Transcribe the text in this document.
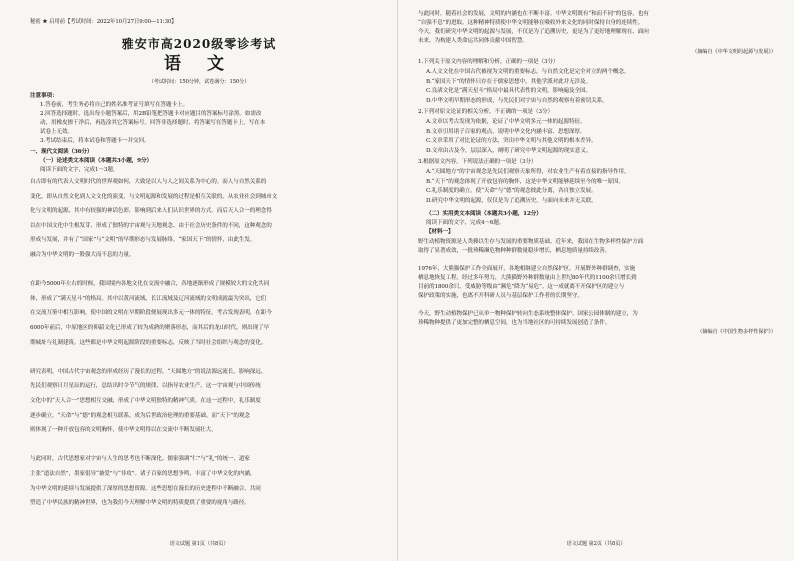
秘密 ★ 启用前【考试时间：2022年10月27日9:00—11:30】
雅安市高2020级零诊考试
语 文
（考试时间：150分钟，试卷满分：150分）
注意事项：
1.答卷前，考生务必将自己的姓名准考证号填写在答题卡上。
2.回答选择题时，选出每小题答案后，用2B铅笔把答题卡对应题目的答案标号涂黑。如需改
动，用橡皮擦干净后，再选涂其它答案标号。回答非选择题时，将答案写在答题卡上，写在本
试卷上无效。
3.考试结束后，将本试卷和答题卡一并交回。
一、现代文阅读（36分）
（一）论述类文本阅读（本题共3小题，9分）
阅读下面的文字，完成1～3题。
自古即有的代表人文明时代的世界观如何，大致是以人与人之间关系为中心的。而人与自然关系的
变化，即从自然文化到人文文化的演变，与文明起源和发展的过程是相互关联的。从农业社会到城市文
化与文明的起源，其中有较强的神话色彩，影响到后来人们认识世界的方式。而后天人合一的理念得
以在中国文化中生根发芽，形成了独特的宇宙观与天地观念。由于社会历史条件的不同，这种观念的
形成与发展，并有了“国家”与“文明”的早期形态与发展脉络。“家国天下”的情怀，由此生发。
融合为中华文明的一股强大而不息的力量。
在距今5000年左右的时候，我国境内各地文化在交流中融合，各地逐渐形成了规模较大的文化共同
体，形成了“满天星斗”的格局。其中以黄河流域、长江流域及辽河流域的文明成就最为突出，它们
在交流互鉴中相互影响，使中国的文明在早期阶段便展现出多元一体的特征。考古发现表明，在距今
6000年前后，中原地区的仰韶文化已形成了较为成熟的聚落形态，而其后的龙山时代，则出现了早
期城址与礼制建筑。这些都是中华文明起源阶段的重要标志，反映了当时社会组织与观念的变化。
研究表明，中国古代宇宙观念的形成经历了漫长的过程。“天圆地方”的说法源远流长，影响深远。
先民们观察日月星辰的运行，总结出时令节气的规律，以指导农业生产。这一宇宙观与中国传统
文化中的“天人合一”思想相互交融，形成了中华文明独特的精神气质。在这一过程中，礼乐制度
逐步确立，“天命”与“德”的观念相互联系，成为后世政治伦理的重要基础。而“天下”的观念
则体现了一种开放包容的文明胸怀，使中华文明得以在交流中不断发展壮大。
与此同时，古代思想家对宇宙与人生的思考也不断深化。儒家强调“仁”与“礼”的统一，道家
主张“道法自然”，墨家倡导“兼爱”与“非攻”。诸子百家的思想争鸣，丰富了中华文化的内涵，
为中华文明的延续与发展提供了深厚的思想资源。这些思想在漫长的历史进程中不断融合，共同
塑造了中华民族的精神世界，也为我们今天理解中华文明的特质提供了重要的视角与路径。
语文试题 第1页（共8页）
与此同时，随着社会的发展，文明的内涵也在不断丰富。中华文明既有“和而不同”的包容，也有
“自强不息”的进取。这种精神特质使中华文明能够在吸收外来文化的同时保持自身的连续性。
今天，我们研究中华文明的起源与发展，不仅是为了追溯历史，更是为了更好地理解现在、面向
未来，为构建人类命运共同体贡献中国智慧。
（摘编自《中华文明的起源与发展》）
1.下列关于原文内容的理解和分析，正确的一项是（3分）
A.人文文化在中国古代被视为文明的重要标志，与自然文化是完全对立的两个概念。
B.“家国天下”的情怀只存在于儒家思想中，其他学派对此并无涉及。
C.良渚文化是“满天星斗”格局中最具代表性的文明，影响遍及全国。
D.中华文明早期形态的形成，与先民们对宇宙与自然的观察有着密切关系。
2.下列对原文论证的相关分析，不正确的一项是（3分）
A.文章以考古发现为依据，论证了中华文明多元一体的起源特征。
B.文章引用诸子百家的观点，说明中华文化内涵丰富、思想深厚。
C.文章采用了对比论证的方法，突出中华文明与其他文明的根本差异。
D.文章由古及今，层层深入，阐明了研究中华文明起源的现实意义。
3.根据原文内容，下列说法正确的一项是（3分）
A.“天圆地方”的宇宙观念是先民们观察天象所得，对农业生产有着直接的指导作用。
B.“天下”的观念体现了开放包容的胸怀，这是中华文明能够延续至今的唯一原因。
C.礼乐制度的确立，使“天命”与“德”的观念彼此分离，各自独立发展。
D.研究中华文明的起源，仅仅是为了追溯历史，与面向未来并无关联。
（二）实用类文本阅读（本题共3小题，12分）
阅读下面的文字，完成4～6题。
【材料一】
野生动植物资源是人类赖以生存与发展的重要物质基础。近年来，我国在生物多样性保护方面
取得了显著成效，一批珍稀濒危物种种群数量稳步增长，栖息地质量持续改善。
1976年，大熊猫保护工作全面展开，各地相继建立自然保护区，开展野外种群调查，实施
栖息地恢复工程。经过多年努力，大熊猫野外种群数量由上世纪80年代的1100余只增长到
目前的1800余只，受威胁等级由“濒危”降为“易危”。这一成就离不开保护区的建立与
保护政策的实施，也离不开科研人员与基层保护工作者的长期坚守。
今天，野生动植物保护已从单一物种保护转向生态系统整体保护。国家公园体制的建立，为
珍稀物种提供了更加完整的栖息空间，也为当地社区的可持续发展创造了条件。
（摘编自《中国生物多样性保护》）
语文试题 第2页（共8页）
